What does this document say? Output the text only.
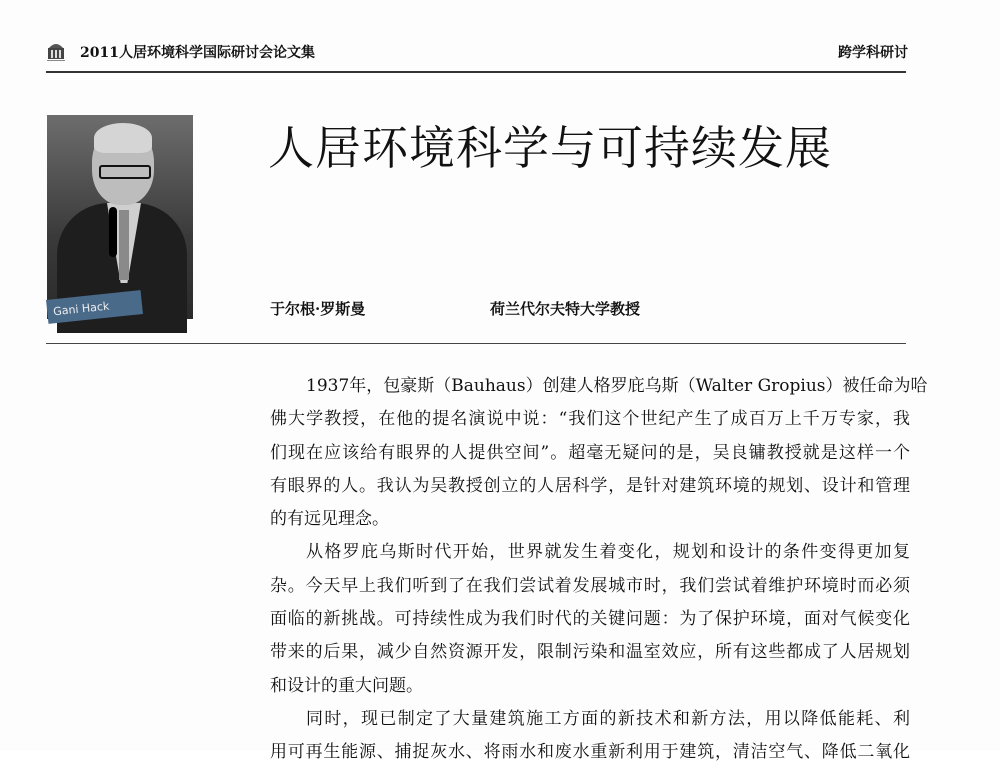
2011人居环境科学国际研讨会论文集	跨学科研讨
Gani Hack
人居环境科学与可持续发展
于尔根·罗斯曼	荷兰代尔夫特大学教授
1937年，包豪斯（Bauhaus）创建人格罗庇乌斯（Walter Gropius）被任命为哈
佛大学教授，在他的提名演说中说：“我们这个世纪产生了成百万上千万专家，我
们现在应该给有眼界的人提供空间”。超毫无疑问的是，吴良镛教授就是这样一个
有眼界的人。我认为吴教授创立的人居科学，是针对建筑环境的规划、设计和管理
的有远见理念。
从格罗庇乌斯时代开始，世界就发生着变化，规划和设计的条件变得更加复
杂。今天早上我们听到了在我们尝试着发展城市时，我们尝试着维护环境时而必须
面临的新挑战。可持续性成为我们时代的关键问题：为了保护环境，面对气候变化
带来的后果，减少自然资源开发，限制污染和温室效应，所有这些都成了人居规划
和设计的重大问题。
同时，现已制定了大量建筑施工方面的新技术和新方法，用以降低能耗、利
用可再生能源、捕捉灰水、将雨水和废水重新利用于建筑，清洁空气、降低二氧化
